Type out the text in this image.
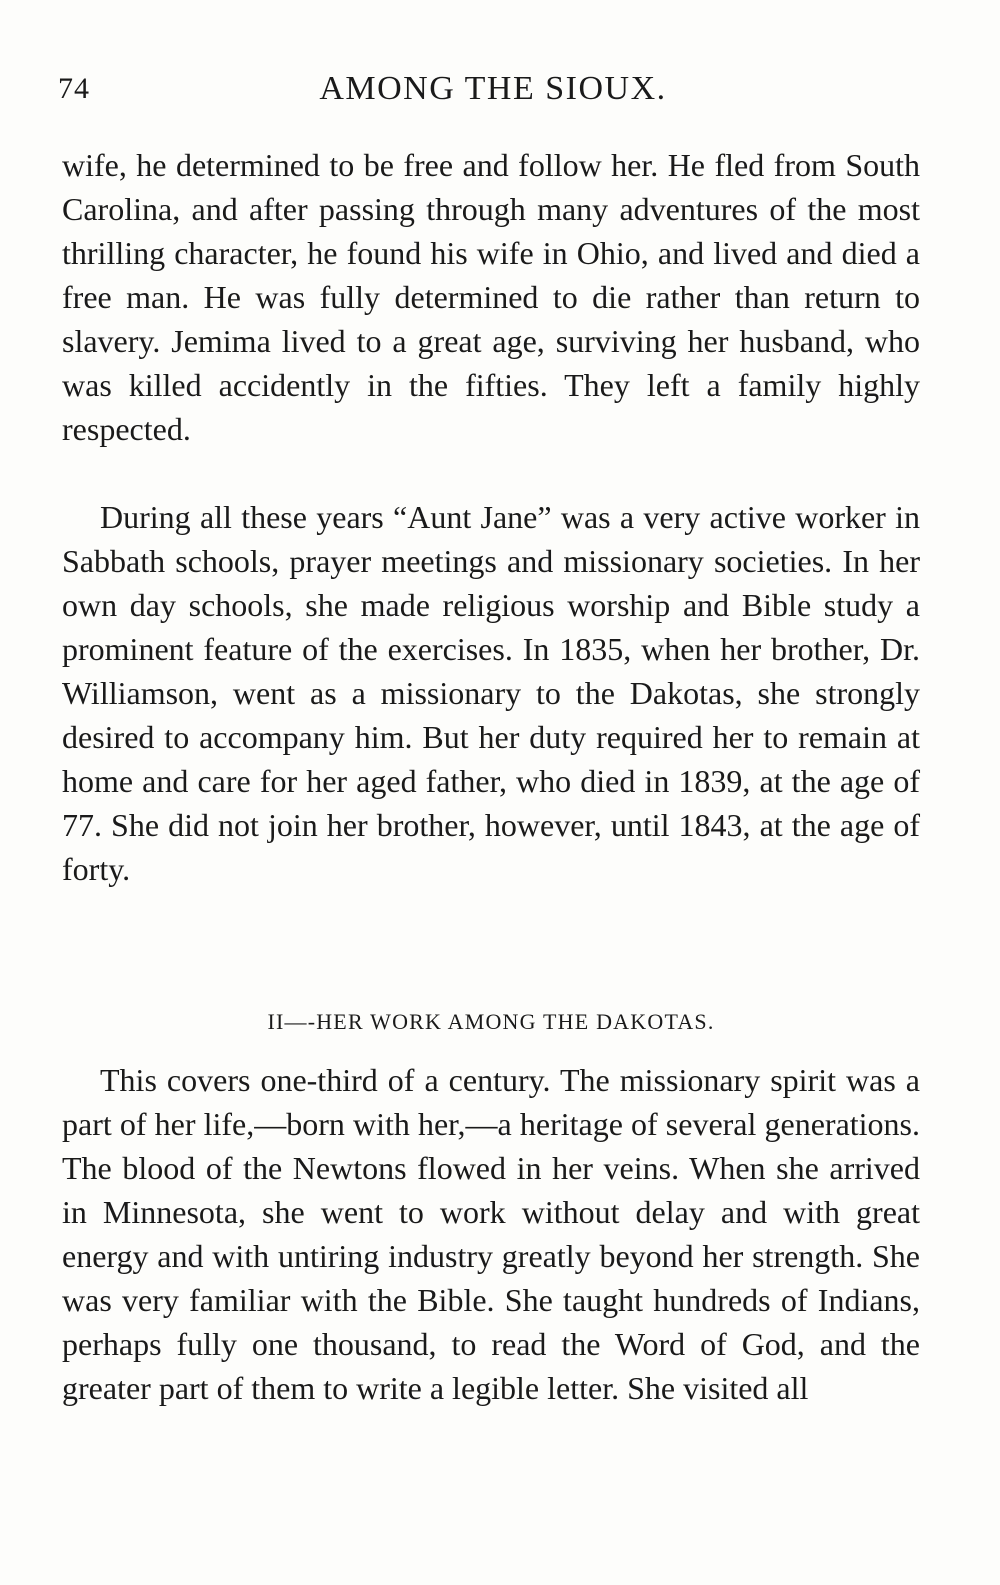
74	AMONG THE SIOUX.

wife, he determined to be free and follow her. He fled from South Carolina, and after passing through many adventures of the most thrilling character, he found his wife in Ohio, and lived and died a free man. He was fully determined to die rather than return to slavery. Jemima lived to a great age, surviving her husband, who was killed accidently in the fifties. They left a family highly respected.

During all these years “Aunt Jane” was a very active worker in Sabbath schools, prayer meetings and missionary societies. In her own day schools, she made religious worship and Bible study a prominent feature of the exercises. In 1835, when her brother, Dr. Williamson, went as a missionary to the Dakotas, she strongly desired to accompany him. But her duty required her to remain at home and care for her aged father, who died in 1839, at the age of 77. She did not join her brother, however, until 1843, at the age of forty.

II—-HER WORK AMONG THE DAKOTAS.

This covers one-third of a century. The missionary spirit was a part of her life,—born with her,—a heritage of several generations. The blood of the Newtons flowed in her veins. When she arrived in Minnesota, she went to work without delay and with great energy and with untiring industry greatly beyond her strength. She was very familiar with the Bible. She taught hundreds of Indians, perhaps fully one thousand, to read the Word of God, and the greater part of them to write a legible letter. She visited all
